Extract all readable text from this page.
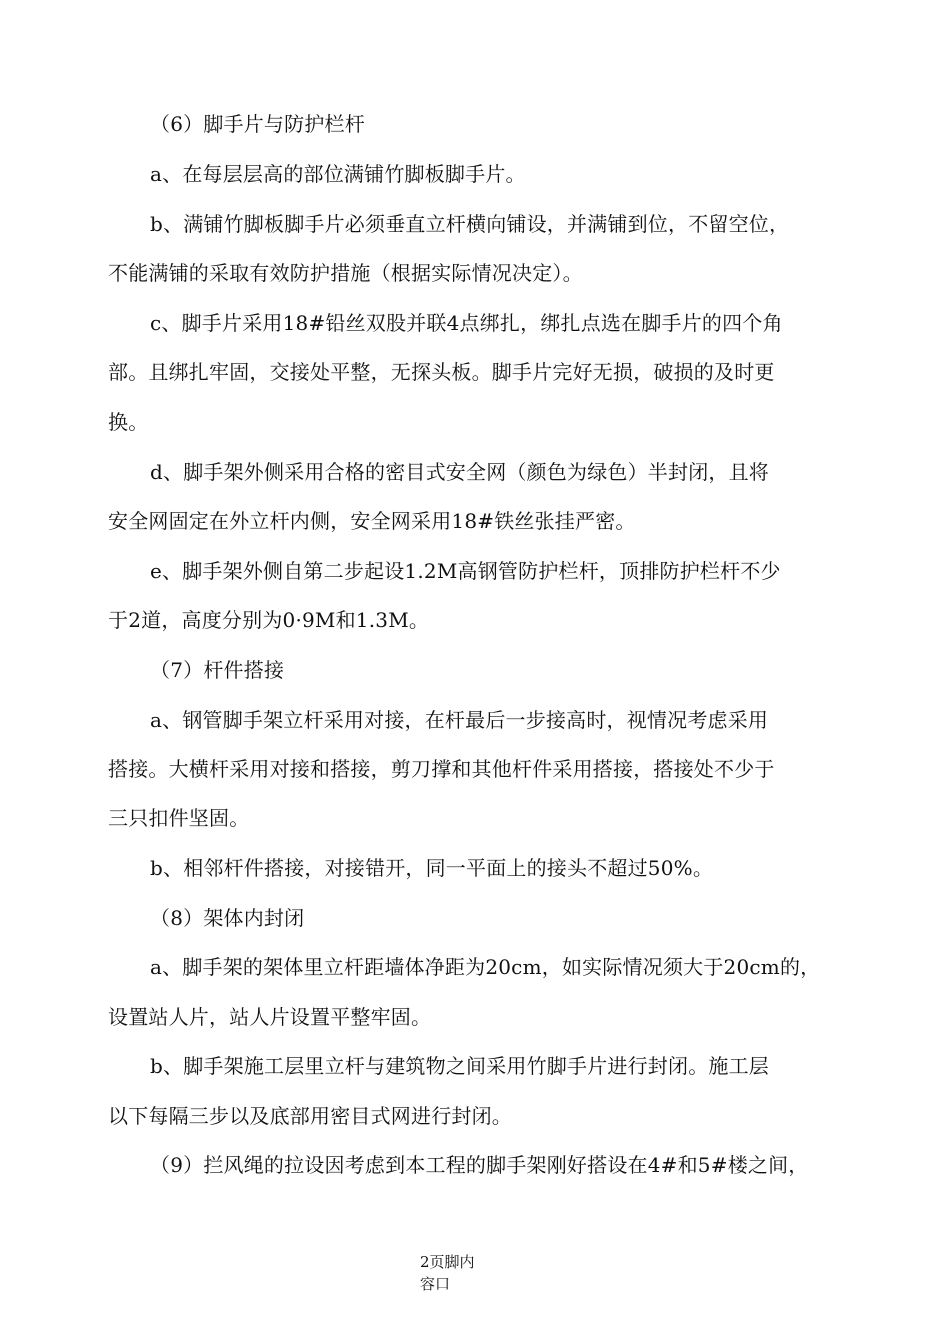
（6）脚手片与防护栏杆
a、在每层层高的部位满铺竹脚板脚手片。
b、满铺竹脚板脚手片必须垂直立杆横向铺设，并满铺到位，不留空位，
不能满铺的采取有效防护措施（根据实际情况决定）。
c、脚手片采用18#铅丝双股并联4点绑扎，绑扎点选在脚手片的四个角
部。且绑扎牢固，交接处平整，无探头板。脚手片完好无损，破损的及时更
换。
d、脚手架外侧采用合格的密目式安全网（颜色为绿色）半封闭，且将
安全网固定在外立杆内侧，安全网采用18#铁丝张挂严密。
e、脚手架外侧自第二步起设1.2M高钢管防护栏杆，顶排防护栏杆不少
于2道，高度分别为0·9M和1.3M。
（7）杆件搭接
a、钢管脚手架立杆采用对接，在杆最后一步接高时，视情况考虑采用
搭接。大横杆采用对接和搭接，剪刀撑和其他杆件采用搭接，搭接处不少于
三只扣件坚固。
b、相邻杆件搭接，对接错开，同一平面上的接头不超过50%。
（8）架体内封闭
a、脚手架的架体里立杆距墙体净距为20cm，如实际情况须大于20cm的，
设置站人片，站人片设置平整牢固。
b、脚手架施工层里立杆与建筑物之间采用竹脚手片进行封闭。施工层
以下每隔三步以及底部用密目式网进行封闭。
（9）拦风绳的拉设因考虑到本工程的脚手架刚好搭设在4#和5#楼之间，
2页脚内
容口
